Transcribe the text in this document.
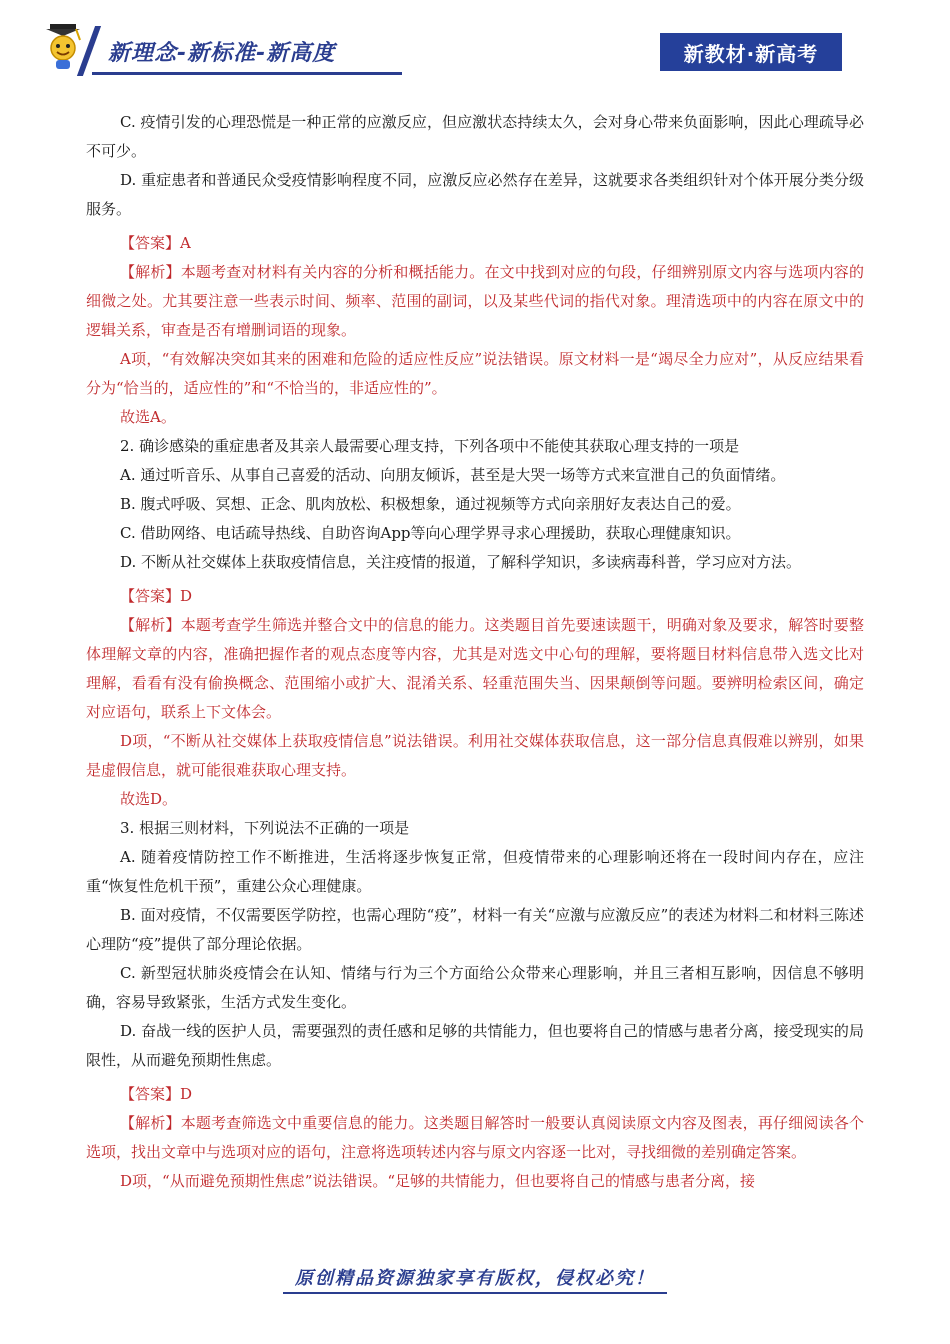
新理念-新标准-新高度	新教材·新高考

C. 疫情引发的心理恐慌是一种正常的应激反应，但应激状态持续太久，会对身心带来负面影响，因此心理疏导必不可少。

D. 重症患者和普通民众受疫情影响程度不同，应激反应必然存在差异，这就要求各类组织针对个体开展分类分级服务。

【答案】A

【解析】本题考查对材料有关内容的分析和概括能力。在文中找到对应的句段，仔细辨别原文内容与选项内容的细微之处。尤其要注意一些表示时间、频率、范围的副词，以及某些代词的指代对象。理清选项中的内容在原文中的逻辑关系，审查是否有增删词语的现象。

A项，“有效解决突如其来的困难和危险的适应性反应”说法错误。原文材料一是“竭尽全力应对”，从反应结果看分为“恰当的，适应性的”和“不恰当的，非适应性的”。

故选A。

2. 确诊感染的重症患者及其亲人最需要心理支持，下列各项中不能使其获取心理支持的一项是

A. 通过听音乐、从事自己喜爱的活动、向朋友倾诉，甚至是大哭一场等方式来宣泄自己的负面情绪。

B. 腹式呼吸、冥想、正念、肌肉放松、积极想象，通过视频等方式向亲朋好友表达自己的爱。

C. 借助网络、电话疏导热线、自助咨询App等向心理学界寻求心理援助，获取心理健康知识。

D. 不断从社交媒体上获取疫情信息，关注疫情的报道，了解科学知识，多读病毒科普，学习应对方法。

【答案】D

【解析】本题考查学生筛选并整合文中的信息的能力。这类题目首先要速读题干，明确对象及要求，解答时要整体理解文章的内容，准确把握作者的观点态度等内容，尤其是对选文中心句的理解，要将题目材料信息带入选文比对理解，看看有没有偷换概念、范围缩小或扩大、混淆关系、轻重范围失当、因果颠倒等问题。要辨明检索区间，确定对应语句，联系上下文体会。

D项，“不断从社交媒体上获取疫情信息”说法错误。利用社交媒体获取信息，这一部分信息真假难以辨别，如果是虚假信息，就可能很难获取心理支持。

故选D。

3. 根据三则材料，下列说法不正确的一项是

A. 随着疫情防控工作不断推进，生活将逐步恢复正常，但疫情带来的心理影响还将在一段时间内存在，应注重“恢复性危机干预”，重建公众心理健康。

B. 面对疫情，不仅需要医学防控，也需心理防“疫”，材料一有关“应激与应激反应”的表述为材料二和材料三陈述心理防“疫”提供了部分理论依据。

C. 新型冠状肺炎疫情会在认知、情绪与行为三个方面给公众带来心理影响，并且三者相互影响，因信息不够明确，容易导致紧张，生活方式发生变化。

D. 奋战一线的医护人员，需要强烈的责任感和足够的共情能力，但也要将自己的情感与患者分离，接受现实的局限性，从而避免预期性焦虑。

【答案】D

【解析】本题考查筛选文中重要信息的能力。这类题目解答时一般要认真阅读原文内容及图表，再仔细阅读各个选项，找出文章中与选项对应的语句，注意将选项转述内容与原文内容逐一比对，寻找细微的差别确定答案。

D项，“从而避免预期性焦虑”说法错误。“足够的共情能力，但也要将自己的情感与患者分离，接

原创精品资源独家享有版权，侵权必究！
